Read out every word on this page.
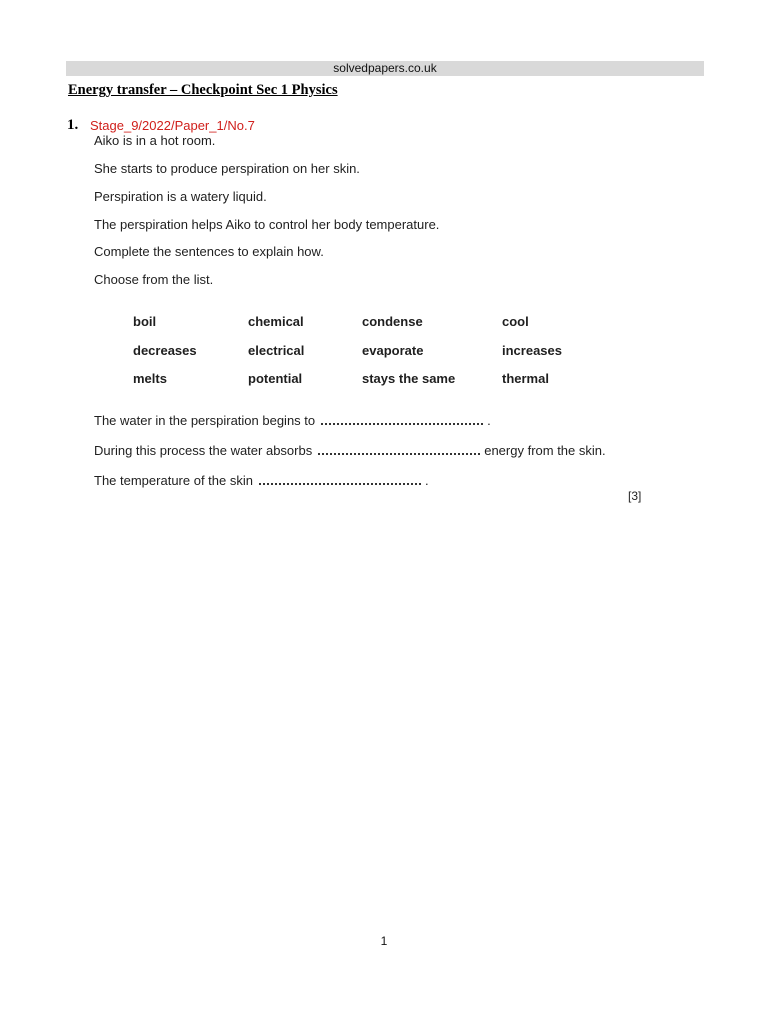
solvedpapers.co.uk
Energy transfer – Checkpoint Sec 1 Physics
1. Stage_9/2022/Paper_1/No.7
Aiko is in a hot room.
She starts to produce perspiration on her skin.
Perspiration is a watery liquid.
The perspiration helps Aiko to control her body temperature.
Complete the sentences to explain how.
Choose from the list.
boil	chemical	condense	cool
decreases	electrical	evaporate	increases
melts	potential	stays the same	thermal
The water in the perspiration begins to	.
During this process the water absorbs	energy from the skin.
The temperature of the skin	.
[3]
1
